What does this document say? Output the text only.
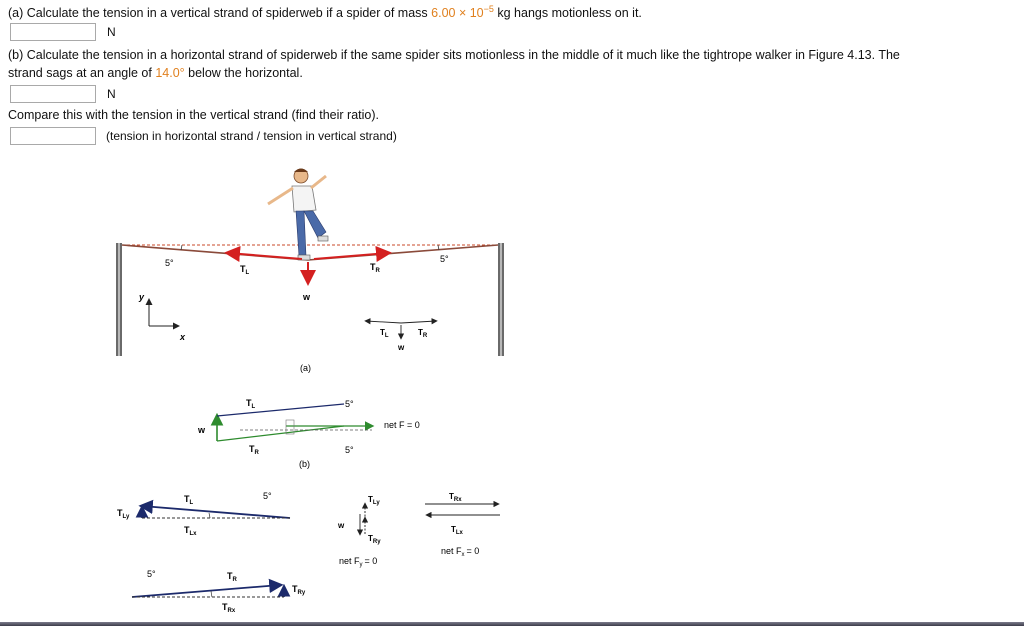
(a) Calculate the tension in a vertical strand of spiderweb if a spider of mass $6.00 \times 10^{-5}$ kg hangs motionless on it.
N
(b) Calculate the tension in a horizontal strand of spiderweb if the same spider sits motionless in the middle of it much like the tightrope walker in Figure 4.13. The
strand sags at an angle of 14.0° below the horizontal.
N
Compare this with the tension in the vertical strand (find their ratio).
(tension in horizontal strand / tension in vertical strand)
5°	5°
$T_L$
$T_R$
w
y
x	$T_L$	$T_R$
w
(a)
$T_L$
$T_R$
w
5°
5°
net F = 0
(b)
$T_L$
$T_{Ly}$
$T_{Lx}$
5°
5°	$T_R$
$T_{Ry}$
$T_{Rx}$
$T_{Ly}$
w
$T_{Ry}$
net $F_y = 0$
$T_{Rx}$
$T_{Lx}$
net $F_x = 0$
